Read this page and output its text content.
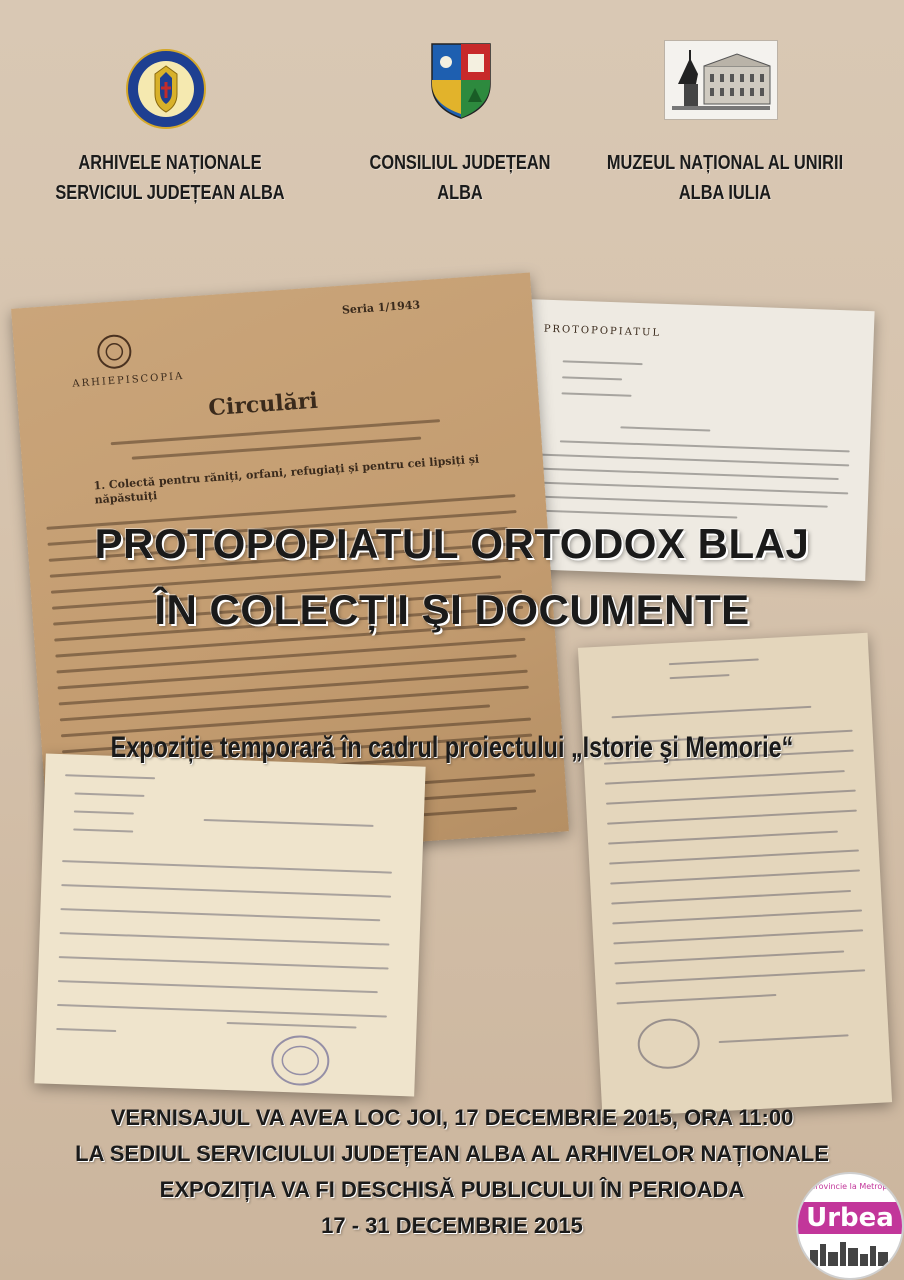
ARHIVELE NAȚIONALE
SERVICIUL JUDEȚEAN ALBA
CONSILIUL JUDEȚEAN
ALBA
MUZEUL NAȚIONAL AL UNIRII
ALBA IULIA
PROTOPOPIATUL
Seria 1/1943
ARHIEPISCOPIA
Circulări
1. Colectă pentru răniți, orfani, refugiați și pentru cei lipsiți și năpăstuiți
PROTOPOPIATUL ORTODOX BLAJ
ÎN COLECȚII ŞI DOCUMENTE
Expoziție temporară în cadrul proiectului „Istorie şi Memorie“
VERNISAJUL VA AVEA LOC JOI, 17 DECEMBRIE 2015, ORA 11:00
LA SEDIUL SERVICIULUI JUDEȚEAN ALBA AL ARHIVELOR NAȚIONALE
EXPOZIȚIA VA FI DESCHISĂ PUBLICULUI ÎN PERIOADA
17 - 31 DECEMBRIE 2015
în provincie la Metropolă
Urbea
